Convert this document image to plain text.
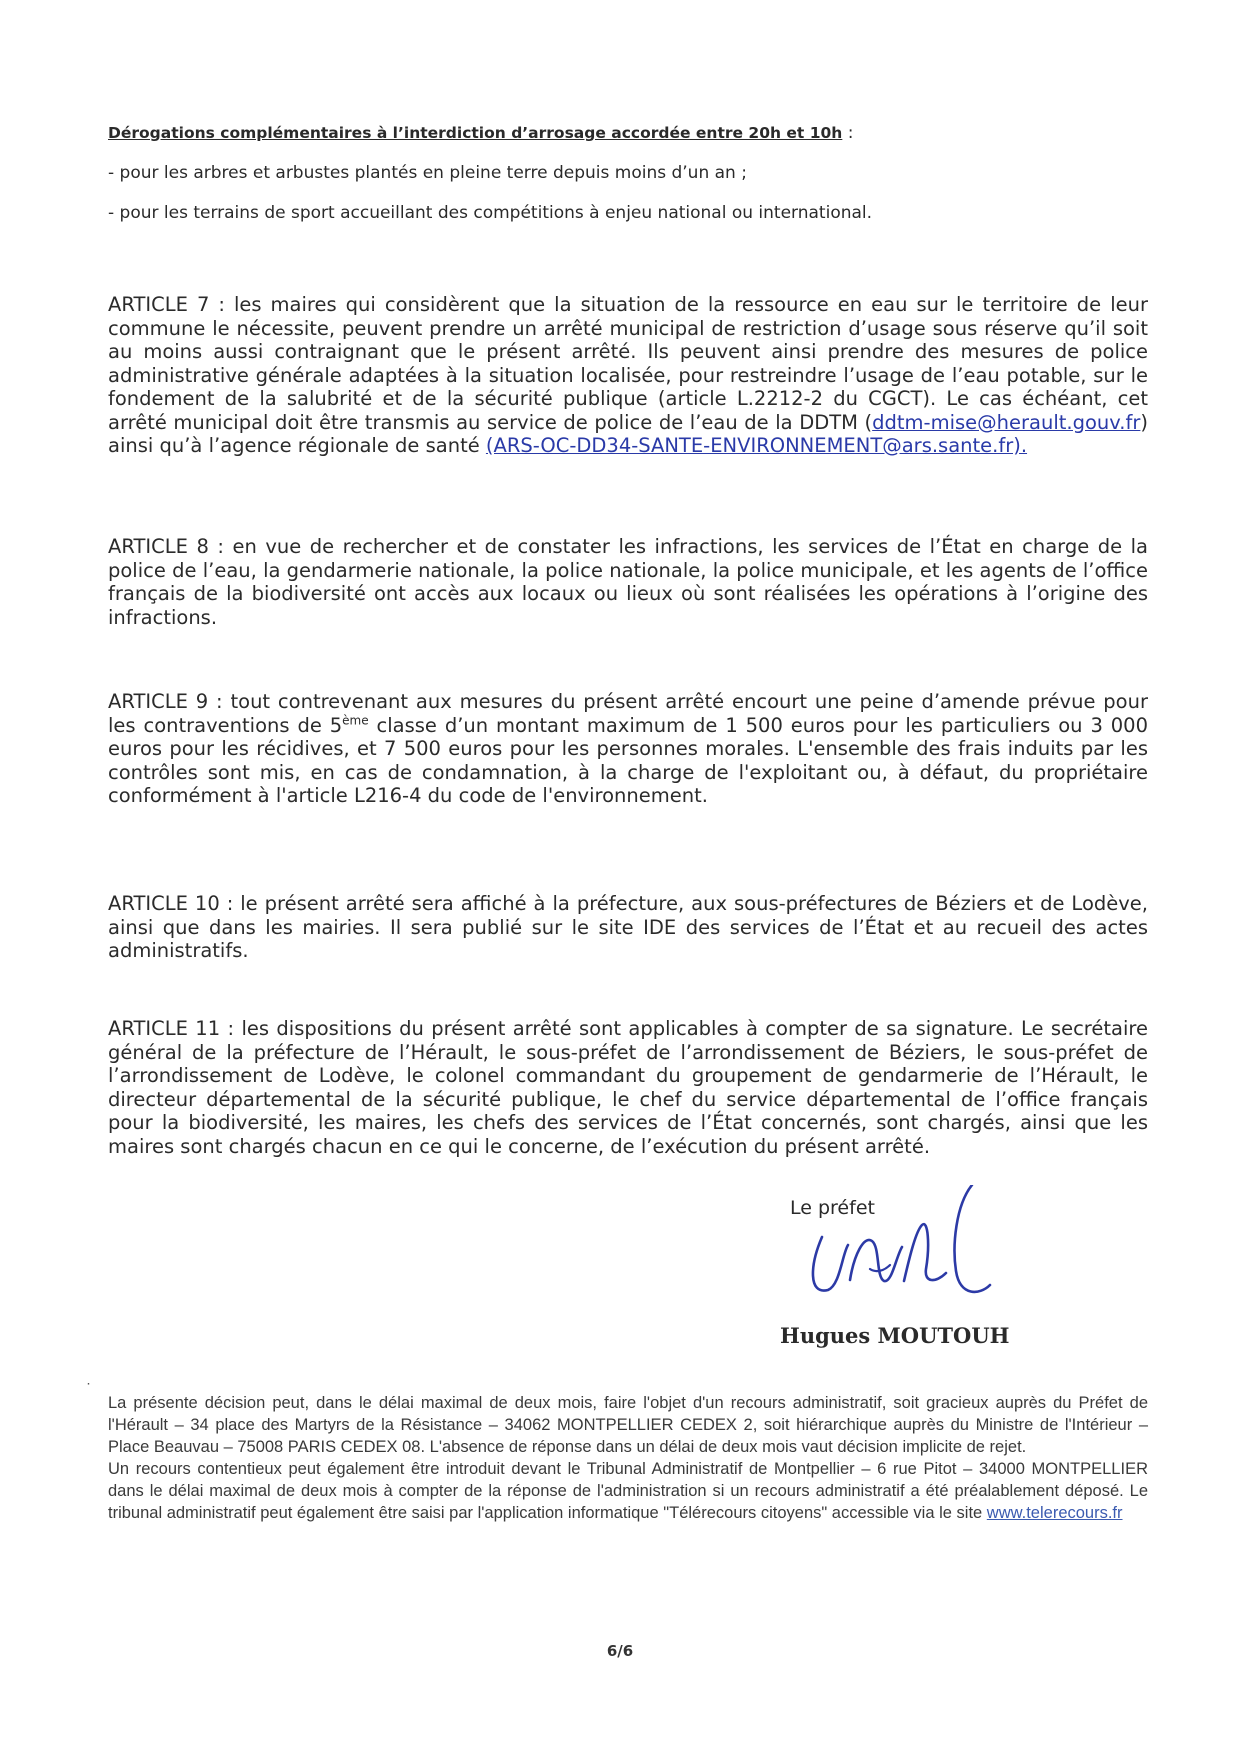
Dérogations complémentaires à l’interdiction d’arrosage accordée entre 20h et 10h :
- pour les arbres et arbustes plantés en pleine terre depuis moins d’un an ;
- pour les terrains de sport accueillant des compétitions à enjeu national ou international.
ARTICLE 7 : les maires qui considèrent que la situation de la ressource en eau sur le territoire de leur commune le nécessite, peuvent prendre un arrêté municipal de restriction d’usage sous réserve qu’il soit au moins aussi contraignant que le présent arrêté. Ils peuvent ainsi prendre des mesures de police administrative générale adaptées à la situation localisée, pour restreindre l’usage de l’eau potable, sur le fondement de la salubrité et de la sécurité publique (article L.2212-2 du CGCT). Le cas échéant, cet arrêté municipal doit être transmis au service de police de l’eau de la DDTM (ddtm-mise@herault.gouv.fr) ainsi qu’à l’agence régionale de santé (ARS-OC-DD34-SANTE-ENVIRONNEMENT@ars.sante.fr).
ARTICLE 8 : en vue de rechercher et de constater les infractions, les services de l’État en charge de la police de l’eau, la gendarmerie nationale, la police nationale, la police municipale, et les agents de l’office français de la biodiversité ont accès aux locaux ou lieux où sont réalisées les opérations à l’origine des infractions.
ARTICLE 9 : tout contrevenant aux mesures du présent arrêté encourt une peine d’amende prévue pour les contraventions de 5ème classe d’un montant maximum de 1 500 euros pour les particuliers ou 3 000 euros pour les récidives, et 7 500 euros pour les personnes morales. L'ensemble des frais induits par les contrôles sont mis, en cas de condamnation, à la charge de l'exploitant ou, à défaut, du propriétaire conformément à l'article L216-4 du code de l'environnement.
ARTICLE 10 : le présent arrêté sera affiché à la préfecture, aux sous-préfectures de Béziers et de Lodève, ainsi que dans les mairies. Il sera publié sur le site IDE des services de l’État et au recueil des actes administratifs.
ARTICLE 11 : les dispositions du présent arrêté sont applicables à compter de sa signature. Le secrétaire général de la préfecture de l’Hérault, le sous-préfet de l’arrondissement de Béziers, le sous-préfet de l’arrondissement de Lodève, le colonel commandant du groupement de gendarmerie de l’Hérault, le directeur départemental de la sécurité publique, le chef du service départemental de l’office français pour la biodiversité, les maires, les chefs des services de l’État concernés, sont chargés, ainsi que les maires sont chargés chacun en ce qui le concerne, de l’exécution du présent arrêté.
Le préfet
Hugues MOUTOUH
˙

La présente décision peut, dans le délai maximal de deux mois, faire l'objet d'un recours administratif, soit gracieux auprès du Préfet de l'Hérault – 34 place des Martyrs de la Résistance – 34062 MONTPELLIER CEDEX 2, soit hiérarchique auprès du Ministre de l'Intérieur – Place Beauvau – 75008 PARIS CEDEX 08. L'absence de réponse dans un délai de deux mois vaut décision implicite de rejet.

Un recours contentieux peut également être introduit devant le Tribunal Administratif de Montpellier – 6 rue Pitot – 34000 MONTPELLIER dans le délai maximal de deux mois à compter de la réponse de l'administration si un recours administratif a été préalablement déposé. Le tribunal administratif peut également être saisi par l'application informatique "Télérecours citoyens" accessible via le site www.telerecours.fr

6/6
